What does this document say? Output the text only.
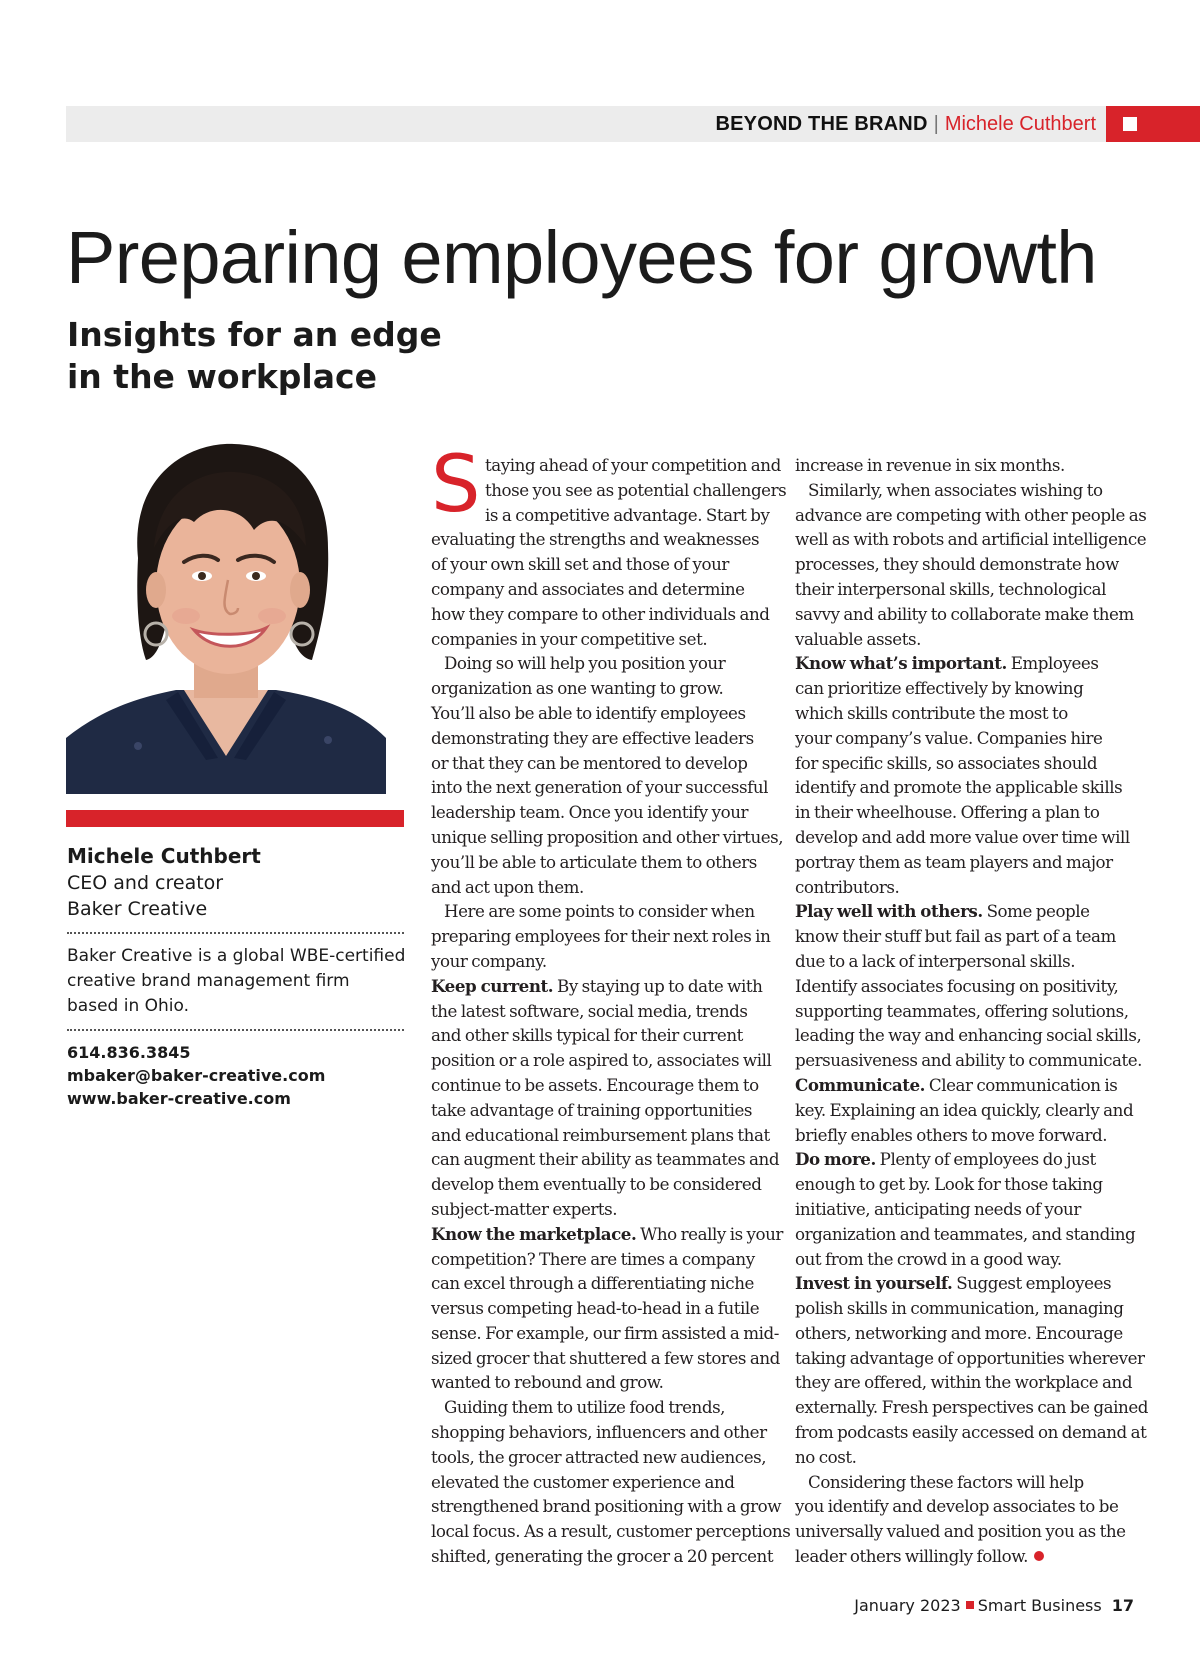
BEYOND THE BRAND | Michele Cuthbert
Preparing employees for growth
Insights for an edge
in the workplace
Michele Cuthbert
CEO and creator
Baker Creative
Baker Creative is a global WBE-certified
creative brand management firm
based in Ohio.
614.836.3845
mbaker@baker-creative.com
www.baker-creative.com
S taying ahead of your competition and
those you see as potential challengers
is a competitive advantage. Start by
evaluating the strengths and weaknesses
of your own skill set and those of your
company and associates and determine
how they compare to other individuals and
companies in your competitive set.
Doing so will help you position your
organization as one wanting to grow.
You’ll also be able to identify employees
demonstrating they are effective leaders
or that they can be mentored to develop
into the next generation of your successful
leadership team. Once you identify your
unique selling proposition and other virtues,
you’ll be able to articulate them to others
and act upon them.
Here are some points to consider when
preparing employees for their next roles in
your company.
Keep current. By staying up to date with
the latest software, social media, trends
and other skills typical for their current
position or a role aspired to, associates will
continue to be assets. Encourage them to
take advantage of training opportunities
and educational reimbursement plans that
can augment their ability as teammates and
develop them eventually to be considered
subject-matter experts.
Know the marketplace. Who really is your
competition? There are times a company
can excel through a differentiating niche
versus competing head-to-head in a futile
sense. For example, our firm assisted a mid-
sized grocer that shuttered a few stores and
wanted to rebound and grow.
Guiding them to utilize food trends,
shopping behaviors, influencers and other
tools, the grocer attracted new audiences,
elevated the customer experience and
strengthened brand positioning with a grow
local focus. As a result, customer perceptions
shifted, generating the grocer a 20 percent
increase in revenue in six months.
Similarly, when associates wishing to
advance are competing with other people as
well as with robots and artificial intelligence
processes, they should demonstrate how
their interpersonal skills, technological
savvy and ability to collaborate make them
valuable assets.
Know what’s important. Employees
can prioritize effectively by knowing
which skills contribute the most to
your company’s value. Companies hire
for specific skills, so associates should
identify and promote the applicable skills
in their wheelhouse. Offering a plan to
develop and add more value over time will
portray them as team players and major
contributors.
Play well with others. Some people
know their stuff but fail as part of a team
due to a lack of interpersonal skills.
Identify associates focusing on positivity,
supporting teammates, offering solutions,
leading the way and enhancing social skills,
persuasiveness and ability to communicate.
Communicate. Clear communication is
key. Explaining an idea quickly, clearly and
briefly enables others to move forward.
Do more. Plenty of employees do just
enough to get by. Look for those taking
initiative, anticipating needs of your
organization and teammates, and standing
out from the crowd in a good way.
Invest in yourself. Suggest employees
polish skills in communication, managing
others, networking and more. Encourage
taking advantage of opportunities wherever
they are offered, within the workplace and
externally. Fresh perspectives can be gained
from podcasts easily accessed on demand at
no cost.
Considering these factors will help
you identify and develop associates to be
universally valued and position you as the
leader others willingly follow.
January 2023 Smart Business 17
